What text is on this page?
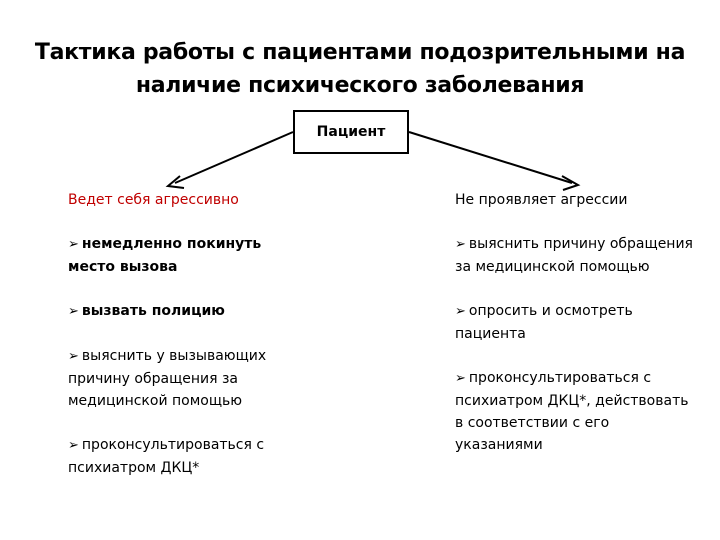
Тактика работы с пациентами подозрительными на
наличие психического заболевания
Пациент
Ведет себя агрессивно
➢ немедленно покинуть место вызова
➢ вызвать полицию
➢ выяснить у вызывающих причину обращения за медицинской помощью
➢ проконсультироваться с психиатром ДКЦ*
Не проявляет агрессии
➢ выяснить причину обращения за медицинской помощью
➢ опросить и осмотреть пациента
➢ проконсультироваться с психиатром ДКЦ*, действовать в соответствии с его указаниями
